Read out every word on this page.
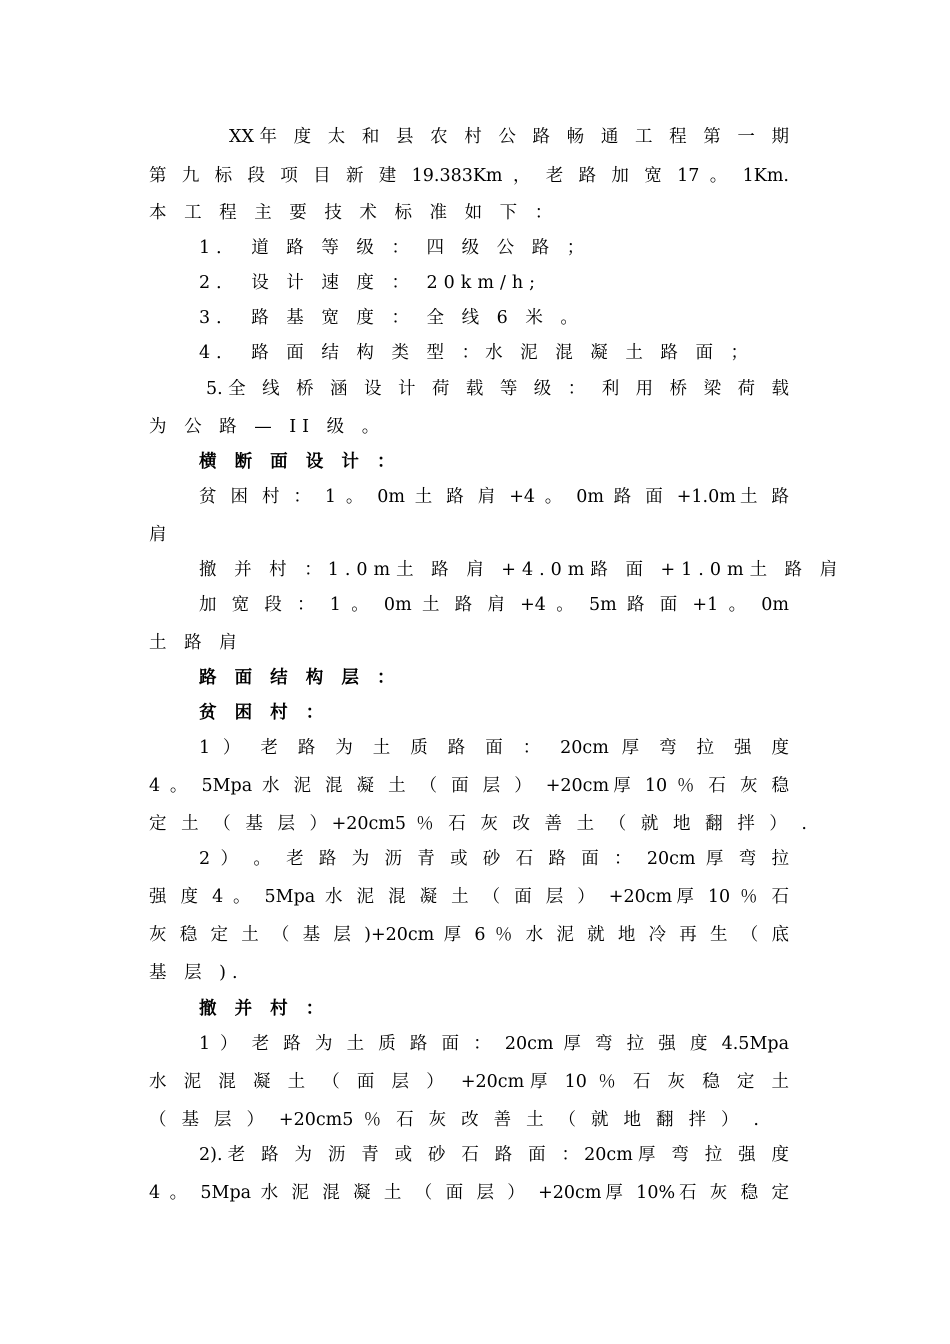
XX年 度 太 和 县 农 村 公 路 畅 通 工 程 第 一 期
第 九 标 段 项 目 新 建 19.383Km ， 老 路 加 宽 17 。 1Km.
本 工 程 主 要 技 术 标 准 如 下 ：
1． 道 路 等 级 ： 四 级 公 路 ；
2． 设 计 速 度 ： 20km/h;
3． 路 基 宽 度 ： 全 线 6 米 。
4． 路 面 结 构 类 型 ：水 泥 混 凝 土 路 面 ；
5.全 线 桥 涵 设 计 荷 载 等 级 ： 利 用 桥 梁 荷 载
为 公 路 — II 级 。
横 断 面 设 计 ：
贫 困 村 ： 1 。 0m 土 路 肩 +4 。 0m 路 面 +1.0m土 路
肩
撤 并 村 ：1.0m土 路 肩 +4.0m路 面 +1.0m土 路 肩
加 宽 段 ： 1 。 0m 土 路 肩 +4 。 5m 路 面 +1 。 0m
土 路 肩
路 面 结 构 层 ：
贫 困 村 ：
1 ） 老 路 为 土 质 路 面 ： 20cm 厚 弯 拉 强 度
4 。 5Mpa 水 泥 混 凝 土 （ 面 层 ） +20cm厚 10 ％ 石 灰 稳
定 土 （ 基 层 ）+20cm5 ％ 石 灰 改 善 土 （ 就 地 翻 拌 ） .
2 ） 。 老 路 为 沥 青 或 砂 石 路 面 ： 20cm 厚 弯 拉
强 度 4 。 5Mpa 水 泥 混 凝 土 （ 面 层 ） +20cm厚 10 ％ 石
灰 稳 定 土 （ 基 层 )+20cm 厚 6 ％ 水 泥 就 地 冷 再 生 （ 底
基 层 ).
撤 并 村 ：
1 ） 老 路 为 土 质 路 面 ： 20cm 厚 弯 拉 强 度 4.5Mpa
水 泥 混 凝 土 （ 面 层 ） +20cm厚 10 ％ 石 灰 稳 定 土
（ 基 层 ） +20cm5 ％ 石 灰 改 善 土 （ 就 地 翻 拌 ） .
2).老 路 为 沥 青 或 砂 石 路 面 ：20cm厚 弯 拉 强 度
4 。 5Mpa 水 泥 混 凝 土 （ 面 层 ） +20cm厚 10%石 灰 稳 定
